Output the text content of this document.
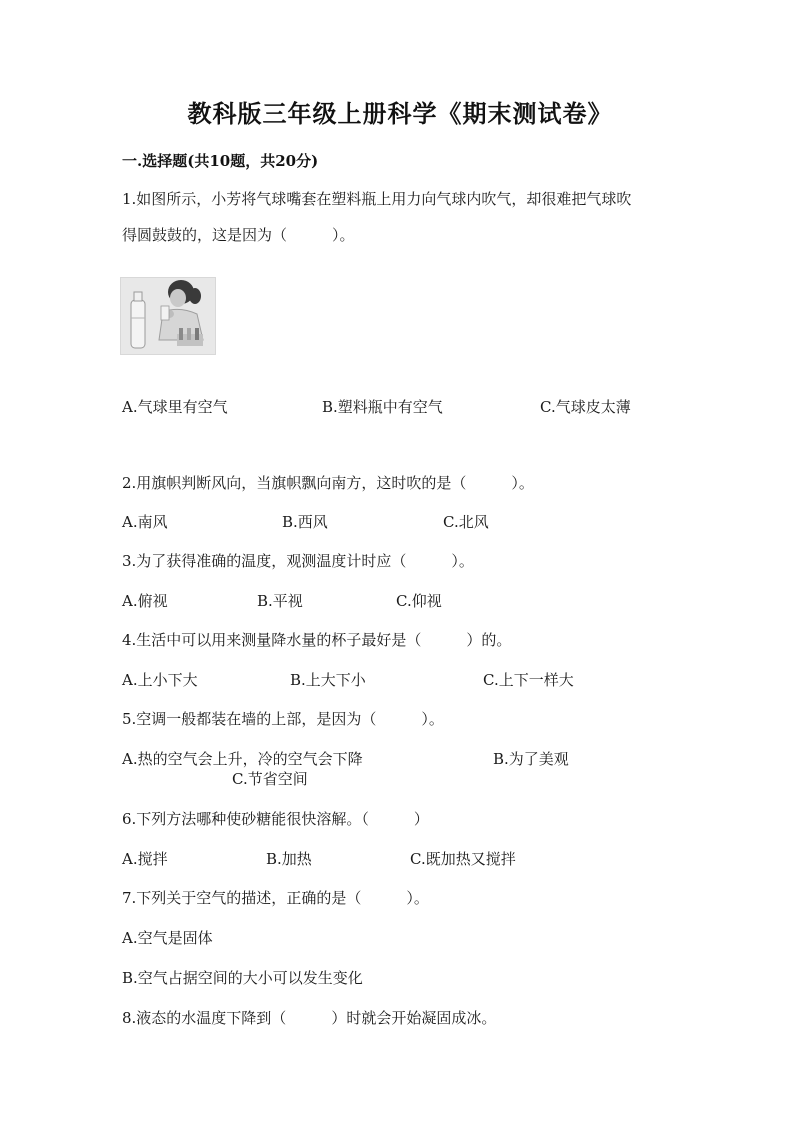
教科版三年级上册科学《期末测试卷》
一.选择题(共10题，共20分)
1.如图所示，小芳将气球嘴套在塑料瓶上用力向气球内吹气，却很难把气球吹
得圆鼓鼓的，这是因为（　　　）。
A.气球里有空气	B.塑料瓶中有空气	C.气球皮太薄
2.用旗帜判断风向，当旗帜飘向南方，这时吹的是（　　　）。
A.南风	B.西风	C.北风
3.为了获得准确的温度，观测温度计时应（　　　）。
A.俯视	B.平视	C.仰视
4.生活中可以用来测量降水量的杯子最好是（　　　）的。
A.上小下大	B.上大下小	C.上下一样大
5.空调一般都装在墙的上部，是因为（　　　）。
A.热的空气会上升，冷的空气会下降	B.为了美观
C.节省空间
6.下列方法哪种使砂糖能很快溶解。（　　　）
A.搅拌	B.加热	C.既加热又搅拌
7.下列关于空气的描述，正确的是（　　　）。
A.空气是固体
B.空气占据空间的大小可以发生变化
8.液态的水温度下降到（　　　）时就会开始凝固成冰。
